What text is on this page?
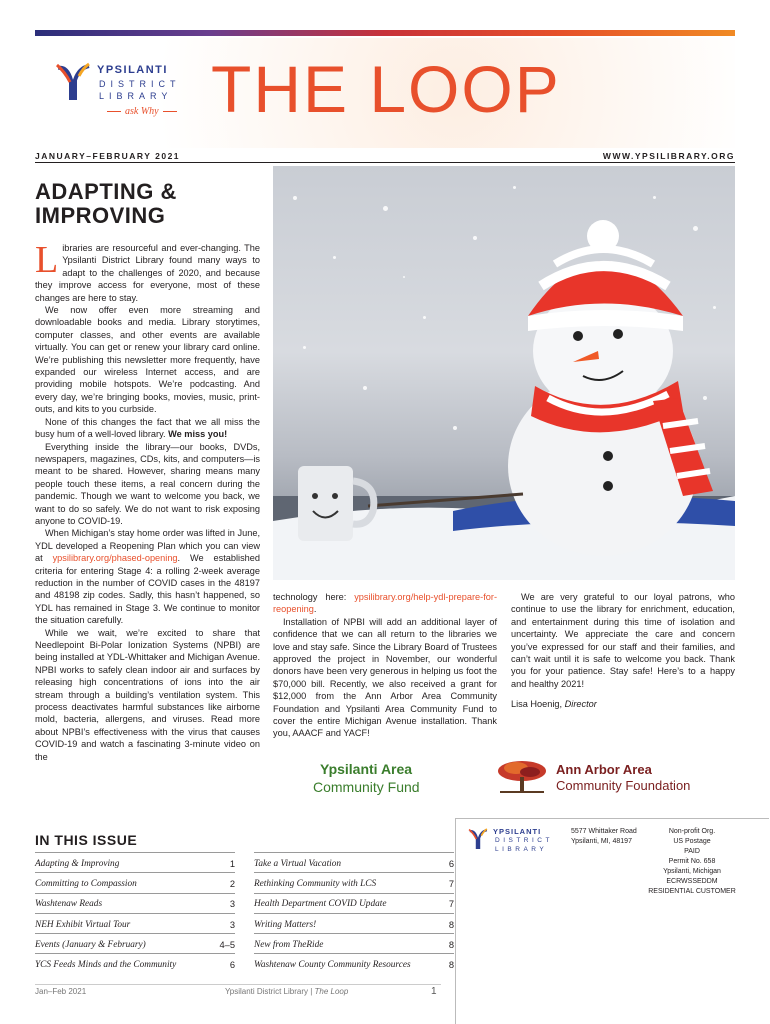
YPSILANTI
DISTRICT
LIBRARY
ask Why THE LOOP
JANUARY–FEBRUARY 2021	WWW.YPSILIBRARY.ORG
ADAPTING &
IMPROVING

Libraries are resourceful and ever-changing. The Ypsilanti District Library found many ways to adapt to the challenges of 2020, and because they improve access for everyone, most of these changes are here to stay.

We now offer even more streaming and downloadable books and media. Library storytimes, computer classes, and other events are available virtually. You can get or renew your library card online. We’re publishing this newsletter more frequently, have expanded our wireless Internet access, and are providing mobile hotspots. We’re podcasting. And every day, we’re bringing books, movies, music, print-outs, and kits to you curbside.

None of this changes the fact that we all miss the busy hum of a well-loved library. We miss you!

Everything inside the library—our books, DVDs, newspapers, magazines, CDs, kits, and computers—is meant to be shared. However, sharing means many people touch these items, a real concern during the pandemic. Though we want to welcome you back, we want to do so safely. We do not want to risk exposing anyone to COVID-19.

When Michigan’s stay home order was lifted in June, YDL developed a Reopening Plan which you can view at ypsilibrary.org/phased-opening. We established criteria for entering Stage 4: a rolling 2-week average reduction in the number of COVID cases in the 48197 and 48198 zip codes. Sadly, this hasn’t happened, so YDL has remained in Stage 3. We continue to monitor the situation carefully.

While we wait, we’re excited to share that Needlepoint Bi-Polar Ionization Systems (NPBI) are being installed at YDL-Whittaker and Michigan Avenue. NPBI works to safely clean indoor air and surfaces by releasing high concentrations of ions into the air stream through a building’s ventilation system. This process deactivates harmful substances like airborne mold, bacteria, allergens, and viruses. Read more about NPBI’s effectiveness with the virus that causes COVID-19 and watch a fascinating 3-minute video on the

technology here: ypsilibrary.org/help-ydl-prepare-for-reopening.

Installation of NPBI will add an additional layer of confidence that we can all return to the libraries we love and stay safe. Since the Library Board of Trustees approved the project in November, our wonderful donors have been very generous in helping us foot the $70,000 bill. Recently, we also received a grant for $12,000 from the Ann Arbor Area Community Foundation and Ypsilanti Area Community Fund to cover the entire Michigan Avenue installation. Thank you, AAACF and YACF!

We are very grateful to our loyal patrons, who continue to use the library for enrichment, education, and entertainment during this time of isolation and uncertainty. We appreciate the care and concern you’ve expressed for our staff and their families, and can’t wait until it is safe to welcome you back. Thank you for your patience. Stay safe! Here’s to a happy and healthy 2021!

Lisa Hoenig, Director

Ypsilanti Area
Community Fund
Ann Arbor Area
Community Foundation
IN THIS ISSUE
Adapting & Improving	1
Committing to Compassion	2
Washtenaw Reads	3
NEH Exhibit Virtual Tour	3
Events (January & February)	4–5
YCS Feeds Minds and the Community	6
Take a Virtual Vacation	6
Rethinking Community with LCS	7
Health Department COVID Update	7
Writing Matters!	8
New from TheRide	8
Washtenaw County Community Resources	8
YPSILANTI
DISTRICT
LIBRARY
5577 Whittaker Road
Ypsilanti, MI, 48197
Non-profit Org.
US Postage
PAID
Permit No. 658
Ypsilanti, Michigan
ECRWSSEDDM
RESIDENTIAL CUSTOMER
Jan–Feb 2021	Ypsilanti District Library | The Loop	1
